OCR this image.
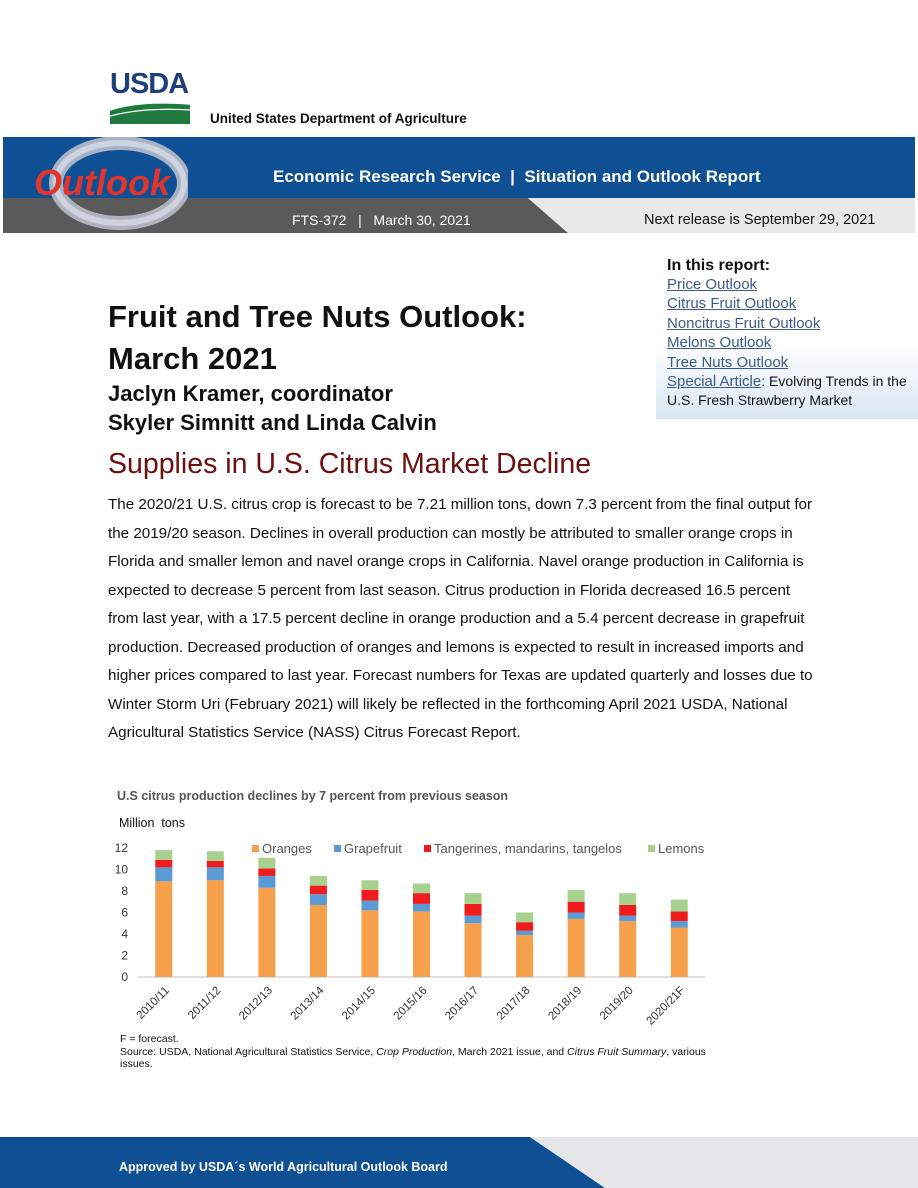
USDA
United States Department of Agriculture
Outlook	Economic Research Service  |  Situation and Outlook Report
FTS-372   |   March 30, 2021	Next release is September 29, 2021
In this report:
Price Outlook
Citrus Fruit Outlook
Noncitrus Fruit Outlook
Melons Outlook
Tree Nuts Outlook
Special Article: Evolving Trends in the U.S. Fresh Strawberry Market
Fruit and Tree Nuts Outlook:
March 2021
Jaclyn Kramer, coordinator
Skyler Simnitt and Linda Calvin
Supplies in U.S. Citrus Market Decline
The 2020/21 U.S. citrus crop is forecast to be 7.21 million tons, down 7.3 percent from the final output for the 2019/20 season. Declines in overall production can mostly be attributed to smaller orange crops in Florida and smaller lemon and navel orange crops in California. Navel orange production in California is expected to decrease 5 percent from last season. Citrus production in Florida decreased 16.5 percent from last year, with a 17.5 percent decline in orange production and a 5.4 percent decrease in grapefruit production. Decreased production of oranges and lemons is expected to result in increased imports and higher prices compared to last year. Forecast numbers for Texas are updated quarterly and losses due to Winter Storm Uri (February 2021) will likely be reflected in the forthcoming April 2021 USDA, National Agricultural Statistics Service (NASS) Citrus Forecast Report.
U.S citrus production declines by 7 percent from previous season
Million  tons
0
2
4
6
8
10
12
2010/11 2011/12 2012/13 2013/14 2014/15 2015/16 2016/17 2017/18 2018/19 2019/20 2020/21F
Oranges Grapefruit Tangerines, mandarins, tangelos	Lemons
F = forecast.
Source: USDA, National Agricultural Statistics Service, Crop Production, March 2021 issue, and Citrus Fruit Summary, various issues.
Approved by USDA´s World Agricultural Outlook Board
